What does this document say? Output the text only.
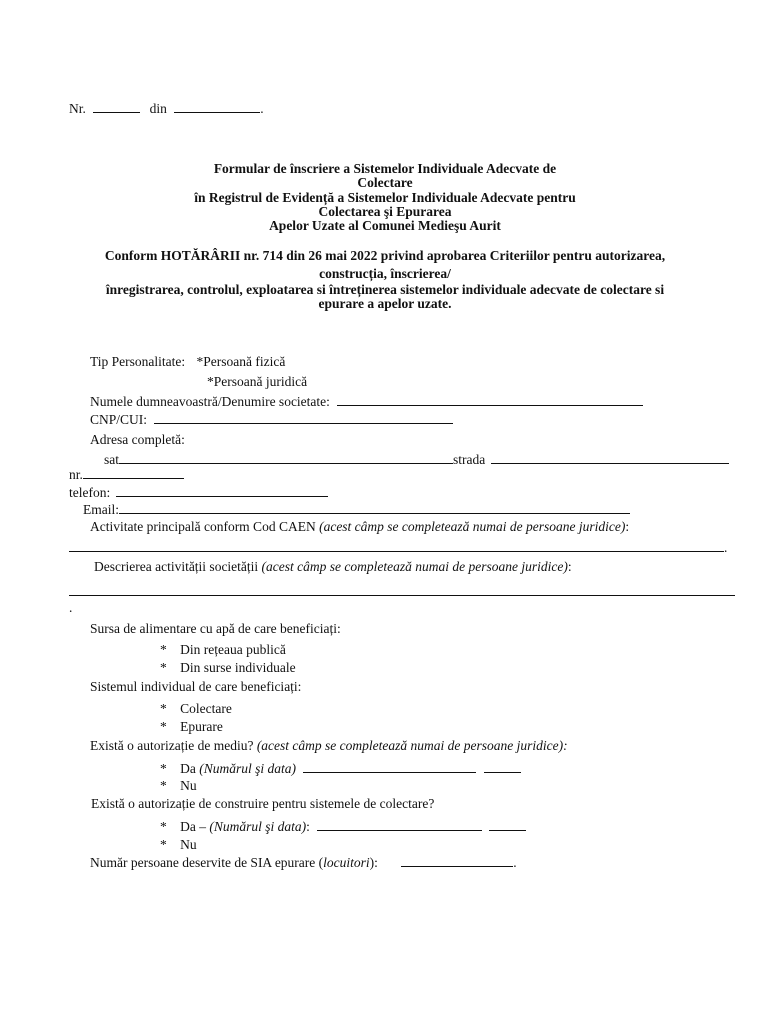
Nr.	din	.
Formular de înscriere a Sistemelor Individuale Adecvate de
Colectare
în Registrul de Evidență a Sistemelor Individuale Adecvate pentru
Colectarea şi Epurarea
Apelor Uzate al Comunei Medieşu Aurit
Conform HOTĂRÂRII nr. 714 din 26 mai 2022 privind aprobarea Criteriilor pentru autorizarea,
construcția, înscrierea/
înregistrarea, controlul, exploatarea si întreținerea sistemelor individuale adecvate de colectare si
epurare a apelor uzate.
Tip Personalitate: *Persoană fizică
*Persoană juridică
Numele dumneavoastră/Denumire societate:
CNP/CUI:
Adresa completă:
sat	strada
nr.
telefon:
Email:
Activitate principală conform Cod CAEN (acest câmp se completează numai de persoane juridice):
.
Descrierea activității societății (acest câmp se completează numai de persoane juridice):
.
Sursa de alimentare cu apă de care beneficiați:
* Din rețeaua publică
* Din surse individuale
Sistemul individual de care beneficiați:
* Colectare
* Epurare
Există o autorizație de mediu? (acest câmp se completează numai de persoane juridice):
* Da (Numărul şi data)
* Nu
Există o autorizație de construire pentru sistemele de colectare?
* Da – (Numărul şi data):
* Nu
Număr persoane deservite de SIA epurare (locuitori):	.
